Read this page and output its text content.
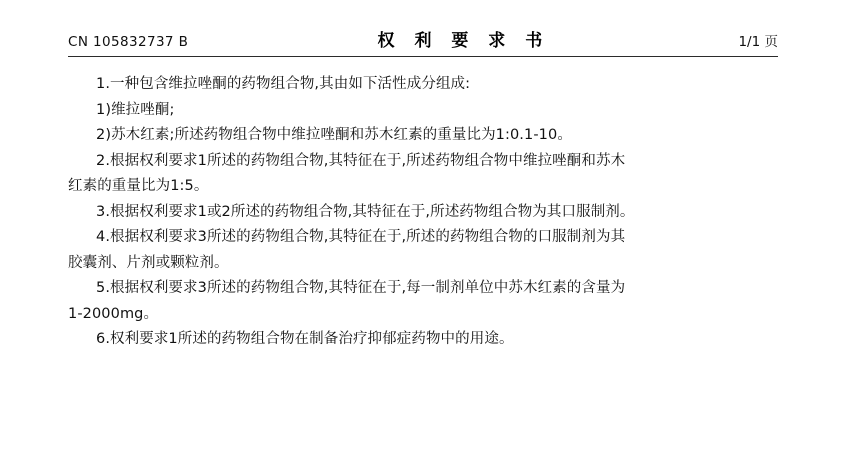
CN 105832737 B	权 利 要 求 书	1/1 页

1.一种包含维拉唑酮的药物组合物,其由如下活性成分组成:

1)维拉唑酮;

2)苏木红素;所述药物组合物中维拉唑酮和苏木红素的重量比为1:0.1-10。

2.根据权利要求1所述的药物组合物,其特征在于,所述药物组合物中维拉唑酮和苏木

红素的重量比为1:5。

3.根据权利要求1或2所述的药物组合物,其特征在于,所述药物组合物为其口服制剂。

4.根据权利要求3所述的药物组合物,其特征在于,所述的药物组合物的口服制剂为其

胶囊剂、片剂或颗粒剂。

5.根据权利要求3所述的药物组合物,其特征在于,每一制剂单位中苏木红素的含量为

1-2000mg。

6.权利要求1所述的药物组合物在制备治疗抑郁症药物中的用途。
